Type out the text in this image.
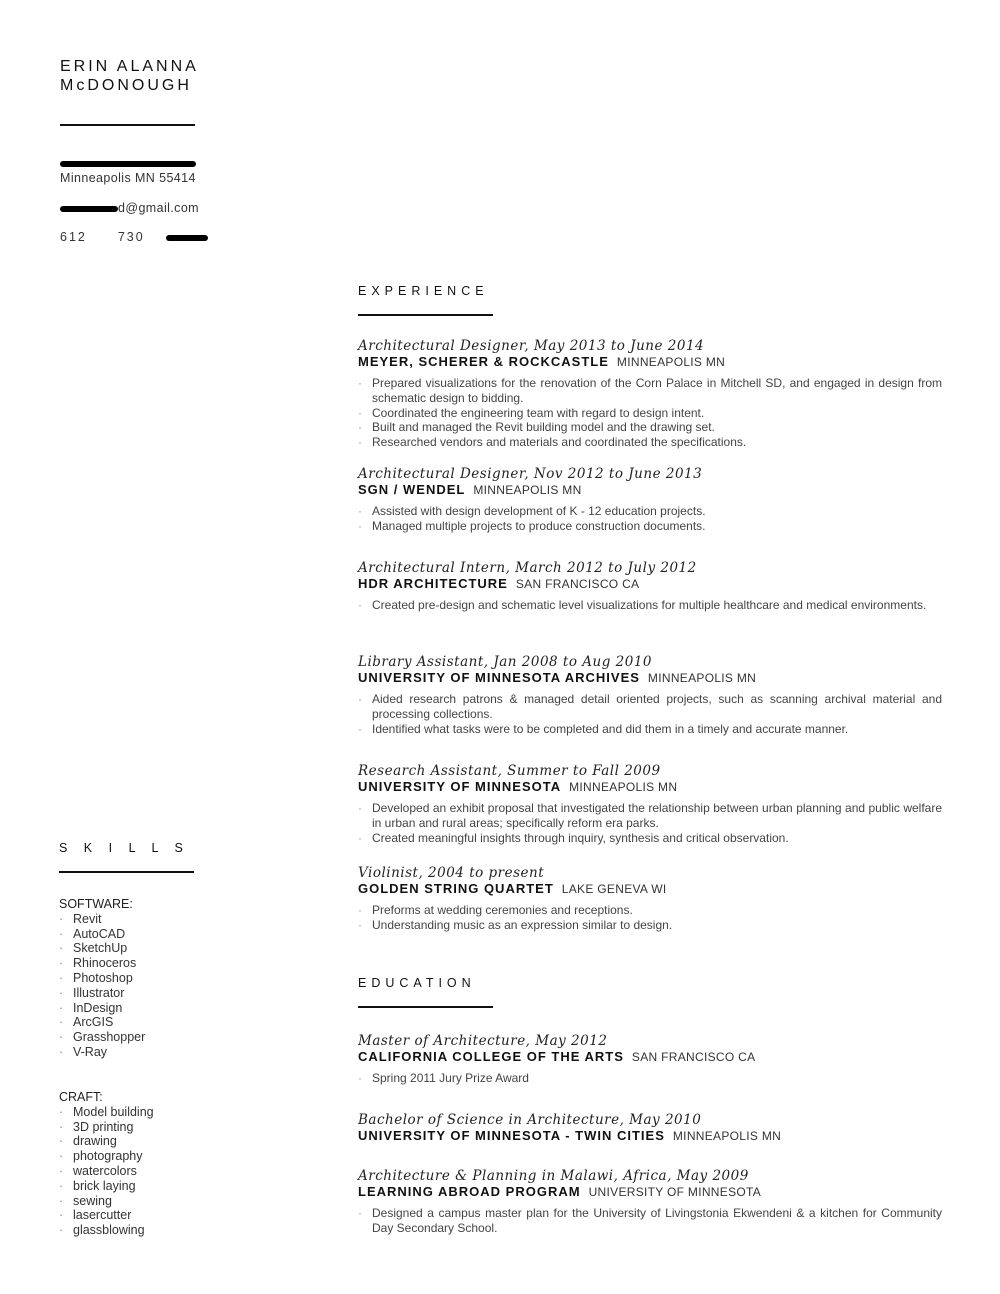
ERIN ALANNA
McDONOUGH
Minneapolis MN 55414
d@gmail.com
612 730
EXPERIENCE
S K I L L S
SOFTWARE:
· Revit
· AutoCAD
· SketchUp
· Rhinoceros
· Photoshop
· Illustrator
· InDesign
· ArcGIS
· Grasshopper
· V-Ray
CRAFT:
· Model building
· 3D printing
· drawing
· photography
· watercolors
· brick laying
· sewing
· lasercutter
· glassblowing
Architectural Designer, May 2013 to June 2014
MEYER, SCHERER & ROCKCASTLE MINNEAPOLIS MN
· Prepared visualizations for the renovation of the Corn Palace in Mitchell SD, and engaged in design from schematic design to bidding.
· Coordinated the engineering team with regard to design intent.
· Built and managed the Revit building model and the drawing set.
· Researched vendors and materials and coordinated the specifications.
Architectural Designer, Nov 2012 to June 2013
SGN / WENDEL MINNEAPOLIS MN
· Assisted with design development of K - 12 education projects.
· Managed multiple projects to produce construction documents.
Architectural Intern, March 2012 to July 2012
HDR ARCHITECTURE SAN FRANCISCO CA
· Created pre-design and schematic level visualizations for multiple healthcare and medical environments.
Library Assistant, Jan 2008 to Aug 2010
UNIVERSITY OF MINNESOTA ARCHIVES MINNEAPOLIS MN
· Aided research patrons & managed detail oriented projects, such as scanning archival material and processing collections.
· Identified what tasks were to be completed and did them in a timely and accurate manner.
Research Assistant, Summer to Fall 2009
UNIVERSITY OF MINNESOTA MINNEAPOLIS MN
· Developed an exhibit proposal that investigated the relationship between urban planning and public welfare in urban and rural areas; specifically reform era parks.
· Created meaningful insights through inquiry, synthesis and critical observation.
Violinist, 2004 to present
GOLDEN STRING QUARTET LAKE GENEVA WI
· Preforms at wedding ceremonies and receptions.
· Understanding music as an expression similar to design.
EDUCATION
Master of Architecture, May 2012
CALIFORNIA COLLEGE OF THE ARTS SAN FRANCISCO CA
· Spring 2011 Jury Prize Award
Bachelor of Science in Architecture, May 2010
UNIVERSITY OF MINNESOTA - TWIN CITIES MINNEAPOLIS MN
Architecture & Planning in Malawi, Africa, May 2009
LEARNING ABROAD PROGRAM UNIVERSITY OF MINNESOTA
· Designed a campus master plan for the University of Livingstonia Ekwendeni & a kitchen for Community Day Secondary School.
